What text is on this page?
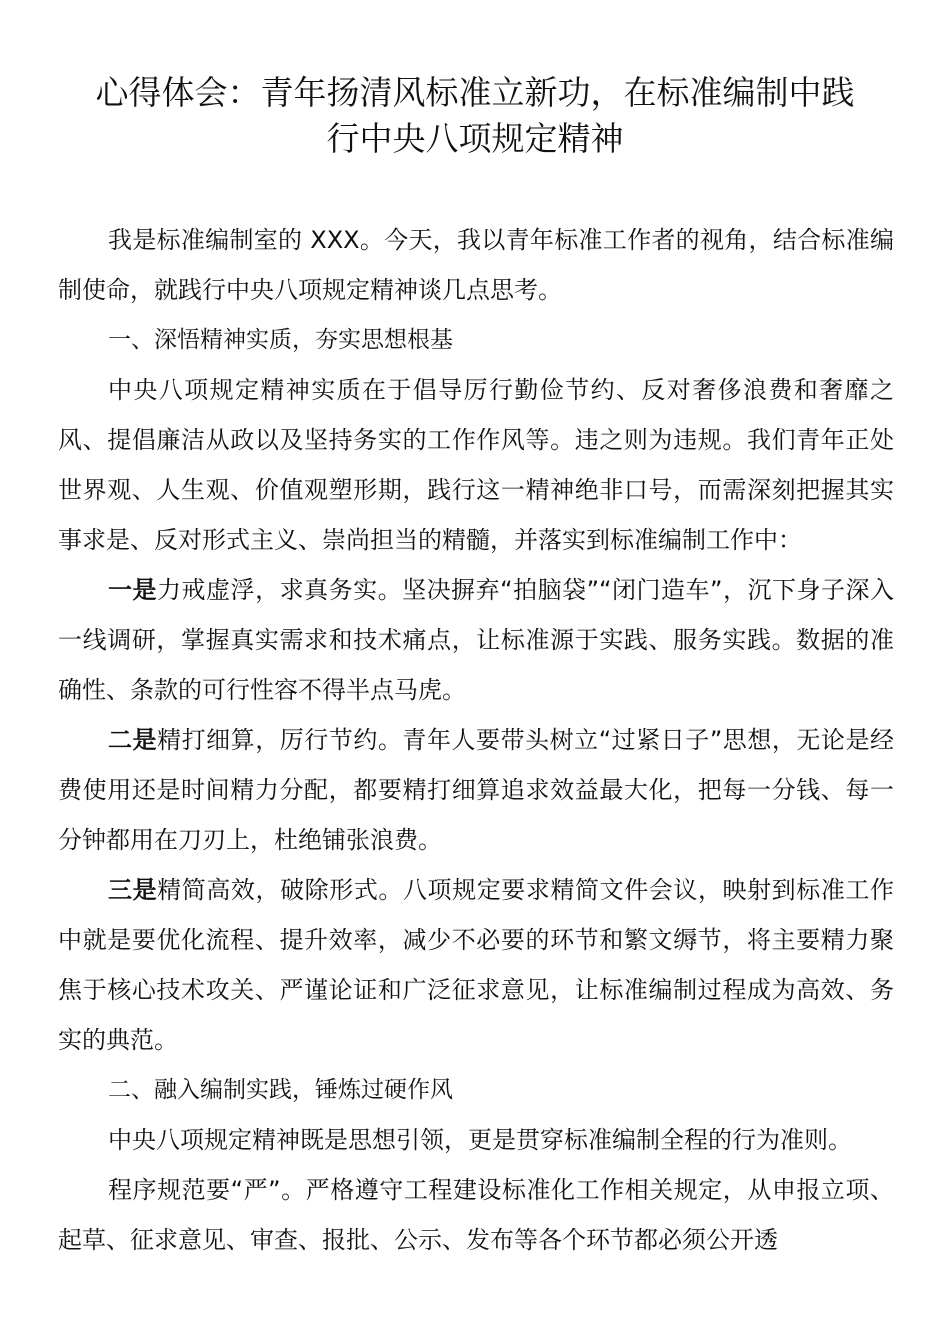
心得体会：青年扬清风标准立新功，在标准编制中践
行中央八项规定精神

我是标准编制室的 XXX。今天，我以青年标准工作者的视角，结合标准编制使命，就践行中央八项规定精神谈几点思考。

一、深悟精神实质，夯实思想根基

中央八项规定精神实质在于倡导厉行勤俭节约、反对奢侈浪费和奢靡之风、提倡廉洁从政以及坚持务实的工作作风等。违之则为违规。我们青年正处世界观、人生观、价值观塑形期，践行这一精神绝非口号，而需深刻把握其实事求是、反对形式主义、崇尚担当的精髓，并落实到标准编制工作中：

一是力戒虚浮，求真务实。坚决摒弃“拍脑袋”“闭门造车”，沉下身子深入一线调研，掌握真实需求和技术痛点，让标准源于实践、服务实践。数据的准确性、条款的可行性容不得半点马虎。

二是精打细算，厉行节约。青年人要带头树立“过紧日子”思想，无论是经费使用还是时间精力分配，都要精打细算追求效益最大化，把每一分钱、每一分钟都用在刀刃上，杜绝铺张浪费。

三是精简高效，破除形式。八项规定要求精简文件会议，映射到标准工作中就是要优化流程、提升效率，减少不必要的环节和繁文缛节，将主要精力聚焦于核心技术攻关、严谨论证和广泛征求意见，让标准编制过程成为高效、务实的典范。

二、融入编制实践，锤炼过硬作风

中央八项规定精神既是思想引领，更是贯穿标准编制全程的行为准则。

程序规范要“严”。严格遵守工程建设标准化工作相关规定，从申报立项、起草、征求意见、审查、报批、公示、发布等各个环节都必须公开透
